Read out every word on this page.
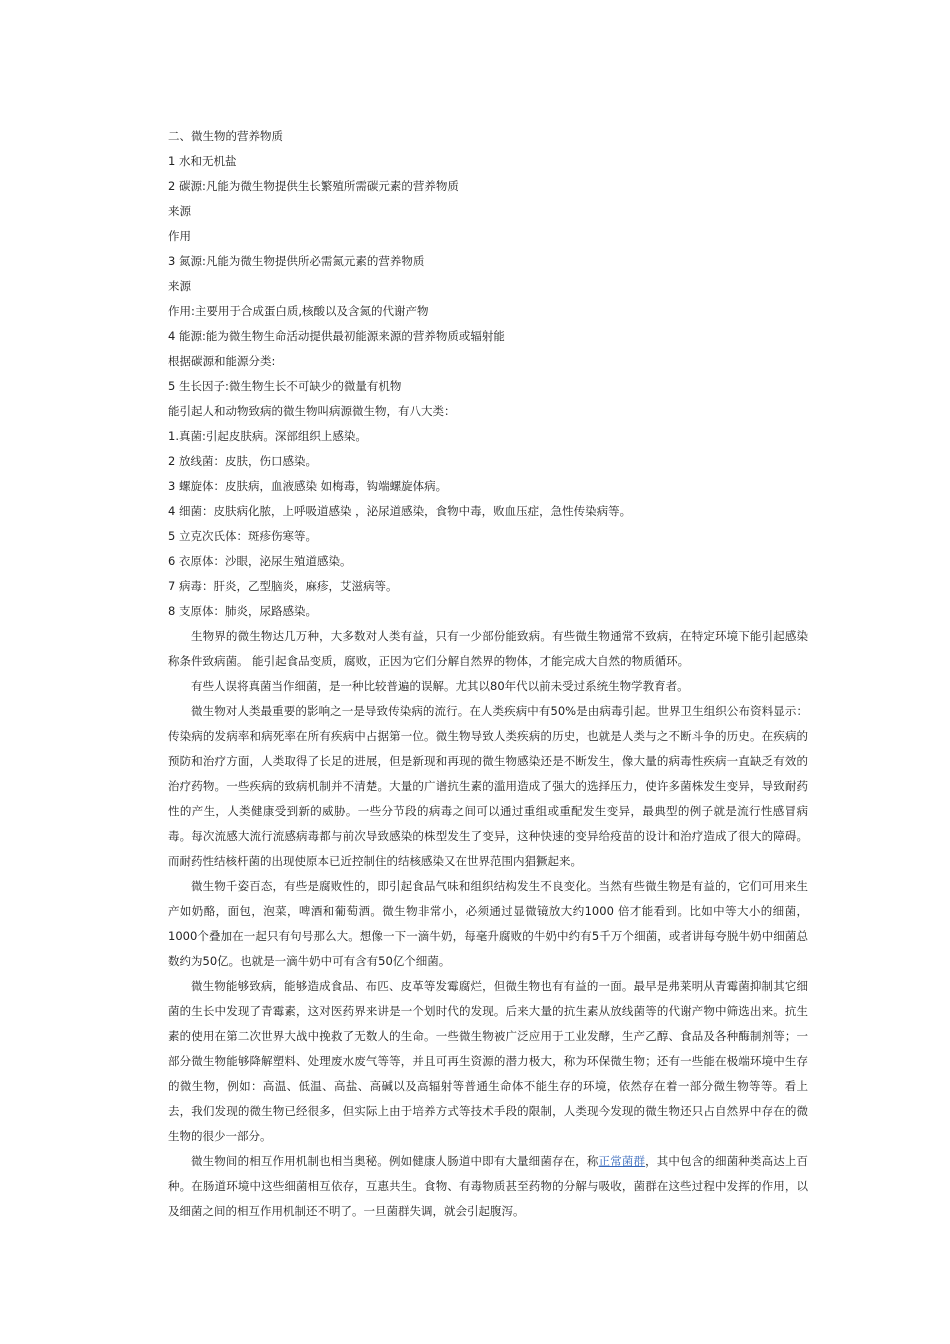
二、微生物的营养物质
1 水和无机盐
2 碳源:凡能为微生物提供生长繁殖所需碳元素的营养物质
来源
作用
3 氮源:凡能为微生物提供所必需氮元素的营养物质
来源
作用:主要用于合成蛋白质,核酸以及含氮的代谢产物
4 能源:能为微生物生命活动提供最初能源来源的营养物质或辐射能
根据碳源和能源分类:
5 生长因子:微生物生长不可缺少的微量有机物
能引起人和动物致病的微生物叫病源微生物，有八大类：
1.真菌:引起皮肤病。深部组织上感染。
2 放线菌：皮肤，伤口感染。
3 螺旋体：皮肤病，血液感染 如梅毒，钩端螺旋体病。
4 细菌：皮肤病化脓，上呼吸道感染 ，泌尿道感染，食物中毒，败血压症，急性传染病等。
5 立克次氏体：斑疹伤寒等。
6 衣原体：沙眼，泌尿生殖道感染。
7 病毒：肝炎，乙型脑炎，麻疹，艾滋病等。
8 支原体：肺炎，尿路感染。

生物界的微生物达几万种，大多数对人类有益，只有一少部份能致病。有些微生物通常不致病，在特定环境下能引起感染称条件致病菌。 能引起食品变质，腐败，正因为它们分解自然界的物体，才能完成大自然的物质循环。

有些人误将真菌当作细菌，是一种比较普遍的误解。尤其以80年代以前未受过系统生物学教育者。

微生物对人类最重要的影响之一是导致传染病的流行。在人类疾病中有50%是由病毒引起。世界卫生组织公布资料显示：传染病的发病率和病死率在所有疾病中占据第一位。微生物导致人类疾病的历史，也就是人类与之不断斗争的历史。在疾病的预防和治疗方面，人类取得了长足的进展，但是新现和再现的微生物感染还是不断发生，像大量的病毒性疾病一直缺乏有效的治疗药物。一些疾病的致病机制并不清楚。大量的广谱抗生素的滥用造成了强大的选择压力，使许多菌株发生变异，导致耐药性的产生，人类健康受到新的威胁。一些分节段的病毒之间可以通过重组或重配发生变异，最典型的例子就是流行性感冒病毒。每次流感大流行流感病毒都与前次导致感染的株型发生了变异，这种快速的变异给疫苗的设计和治疗造成了很大的障碍。而耐药性结核杆菌的出现使原本已近控制住的结核感染又在世界范围内猖獗起来。

微生物千姿百态，有些是腐败性的，即引起食品气味和组织结构发生不良变化。当然有些微生物是有益的，它们可用来生产如奶酪，面包，泡菜，啤酒和葡萄酒。微生物非常小，必须通过显微镜放大约1000 倍才能看到。比如中等大小的细菌，1000个叠加在一起只有句号那么大。想像一下一滴牛奶，每毫升腐败的牛奶中约有5千万个细菌，或者讲每夸脱牛奶中细菌总数约为50亿。也就是一滴牛奶中可有含有50亿个细菌。

微生物能够致病，能够造成食品、布匹、皮革等发霉腐烂，但微生物也有有益的一面。最早是弗莱明从青霉菌抑制其它细菌的生长中发现了青霉素，这对医药界来讲是一个划时代的发现。后来大量的抗生素从放线菌等的代谢产物中筛选出来。抗生素的使用在第二次世界大战中挽救了无数人的生命。一些微生物被广泛应用于工业发酵，生产乙醇、食品及各种酶制剂等；一部分微生物能够降解塑料、处理废水废气等等，并且可再生资源的潜力极大，称为环保微生物；还有一些能在极端环境中生存的微生物，例如：高温、低温、高盐、高碱以及高辐射等普通生命体不能生存的环境，依然存在着一部分微生物等等。看上去，我们发现的微生物已经很多，但实际上由于培养方式等技术手段的限制，人类现今发现的微生物还只占自然界中存在的微生物的很少一部分。

微生物间的相互作用机制也相当奥秘。例如健康人肠道中即有大量细菌存在，称正常菌群，其中包含的细菌种类高达上百种。在肠道环境中这些细菌相互依存，互惠共生。食物、有毒物质甚至药物的分解与吸收，菌群在这些过程中发挥的作用，以及细菌之间的相互作用机制还不明了。一旦菌群失调，就会引起腹泻。
